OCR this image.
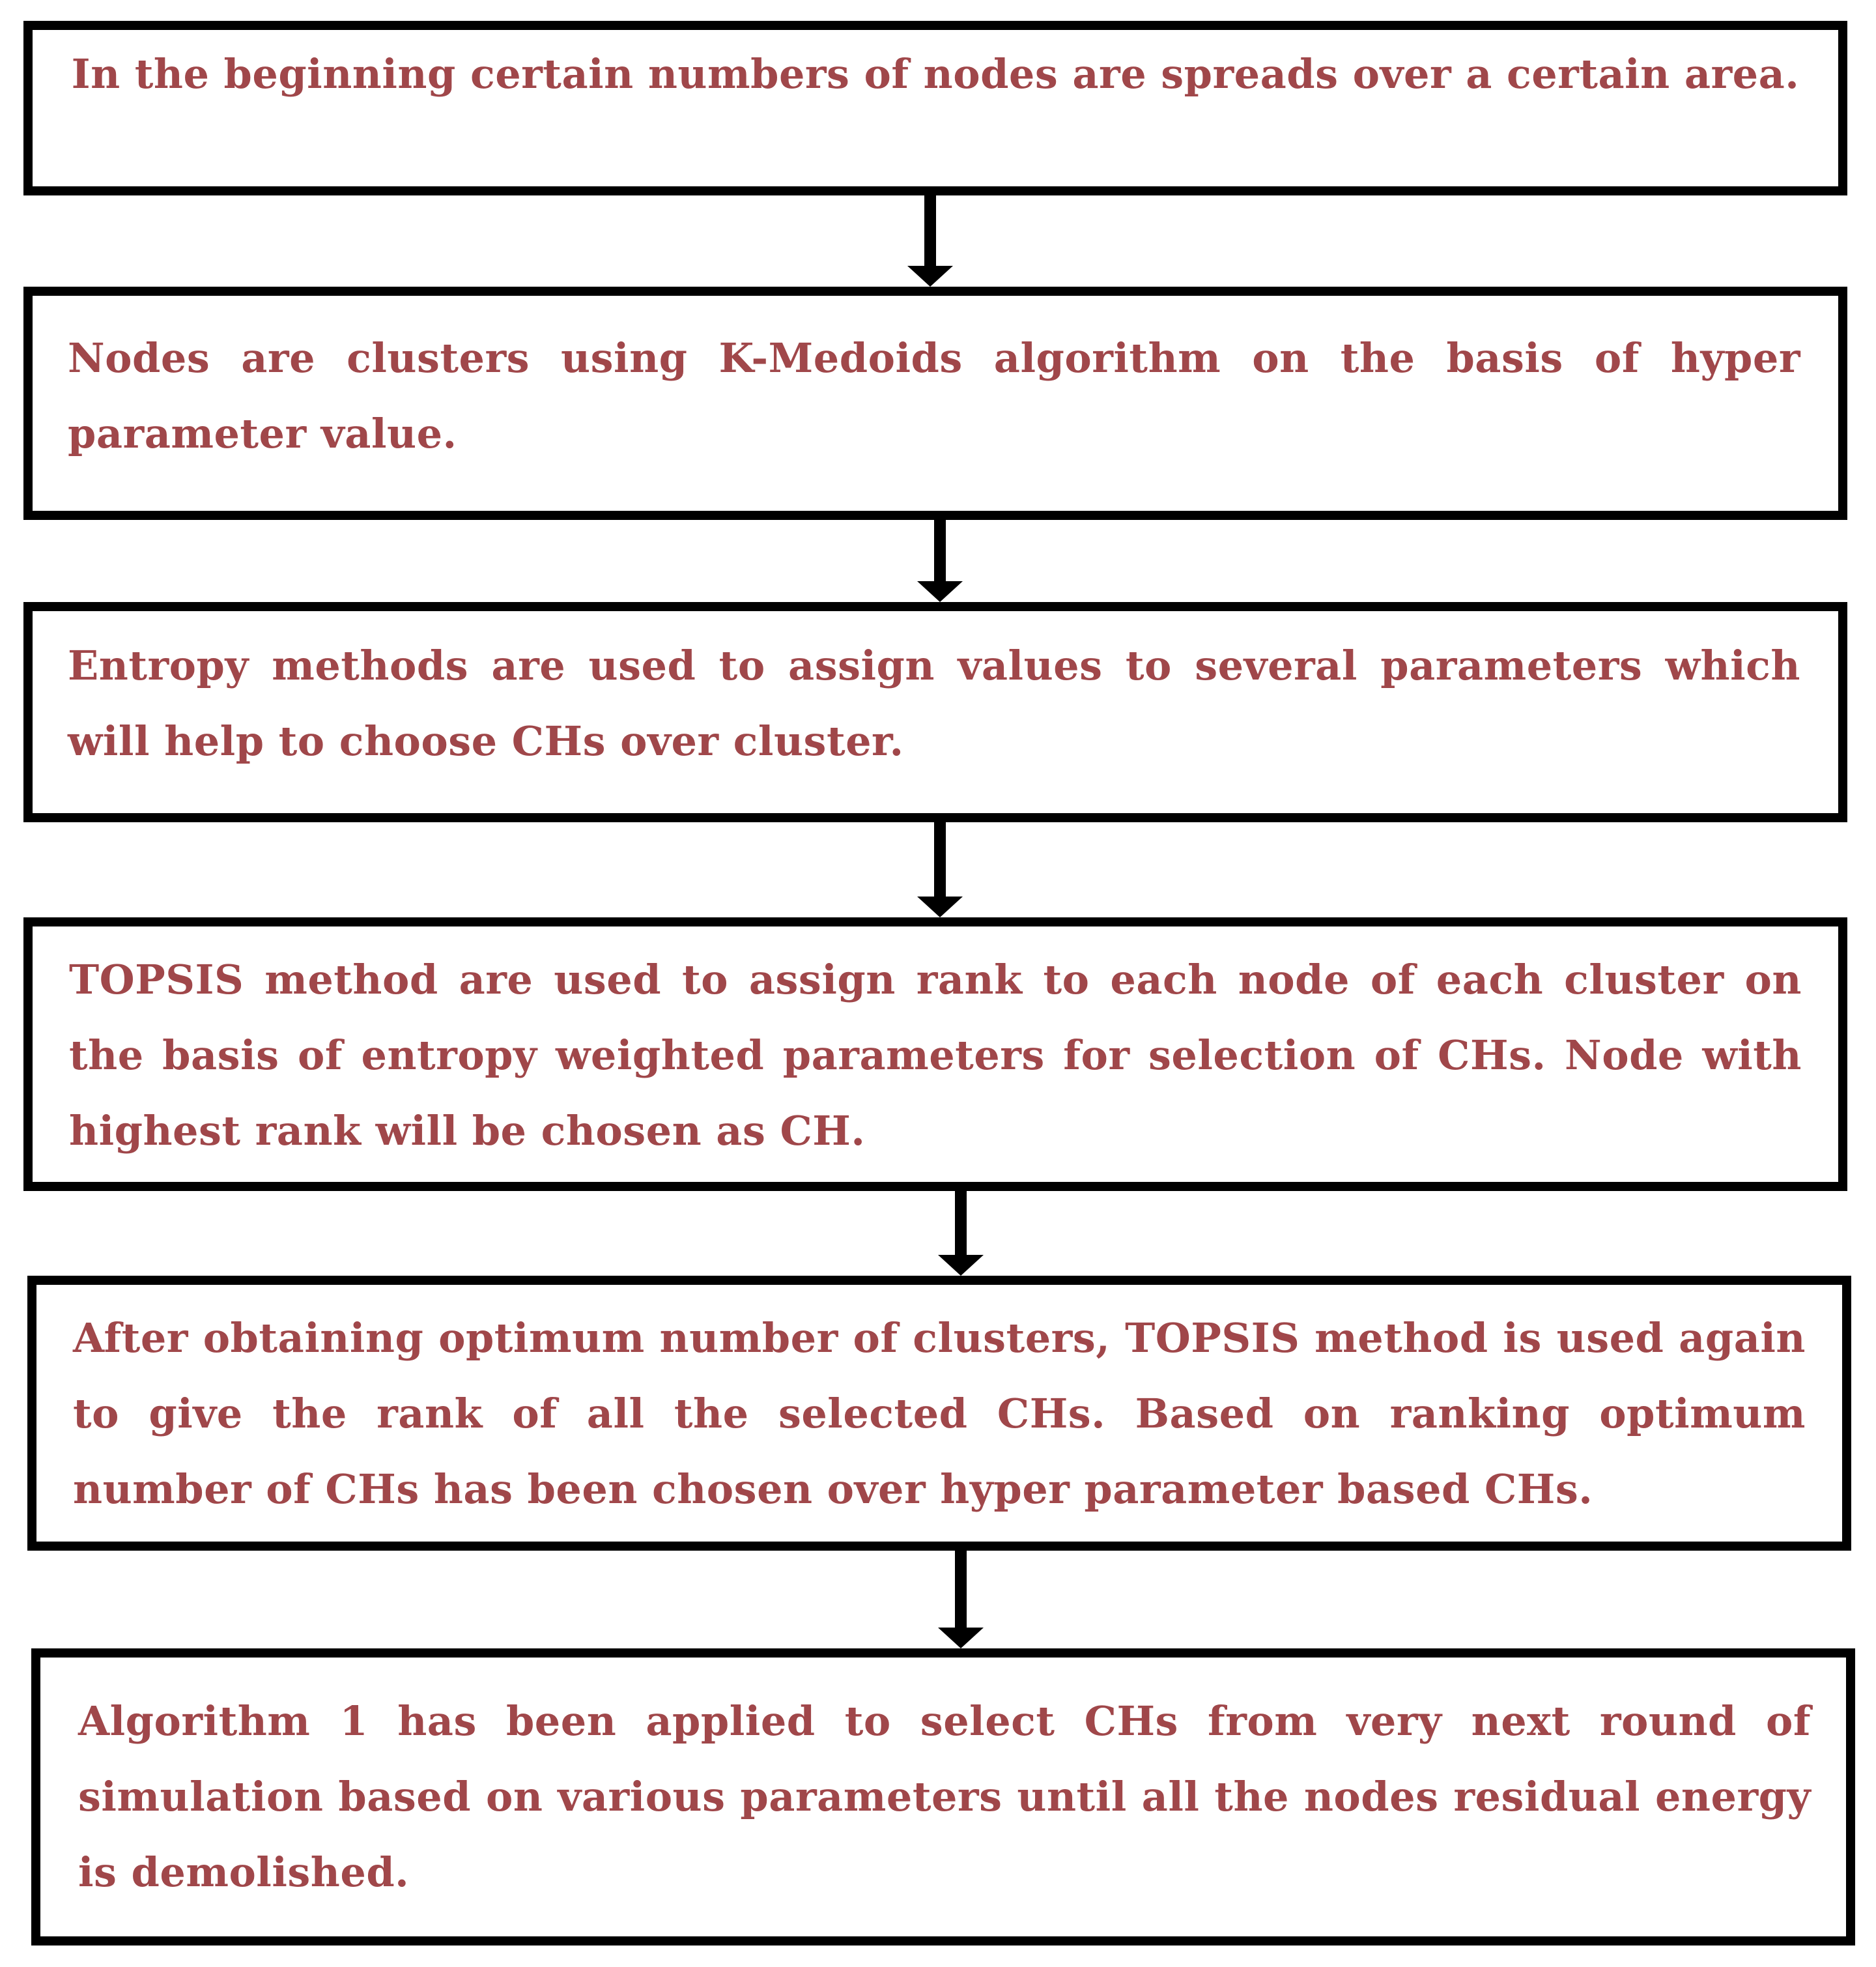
In the beginning certain numbers of nodes are spreads over a certain area.

Nodes are clusters using K-Medoids algorithm on the basis of hyper parameter value.

Entropy methods are used to assign values to several parameters which will help to choose CHs over cluster.

TOPSIS method are used to assign rank to each node of each cluster on the basis of entropy weighted parameters for selection of CHs. Node with highest rank will be chosen as CH.

After obtaining optimum number of clusters, TOPSIS method is used again to give the rank of all the selected CHs. Based on ranking optimum number of CHs has been chosen over hyper parameter based CHs.

Algorithm 1 has been applied to select CHs from very next round of simulation based on various parameters until all the nodes residual energy is demolished.
